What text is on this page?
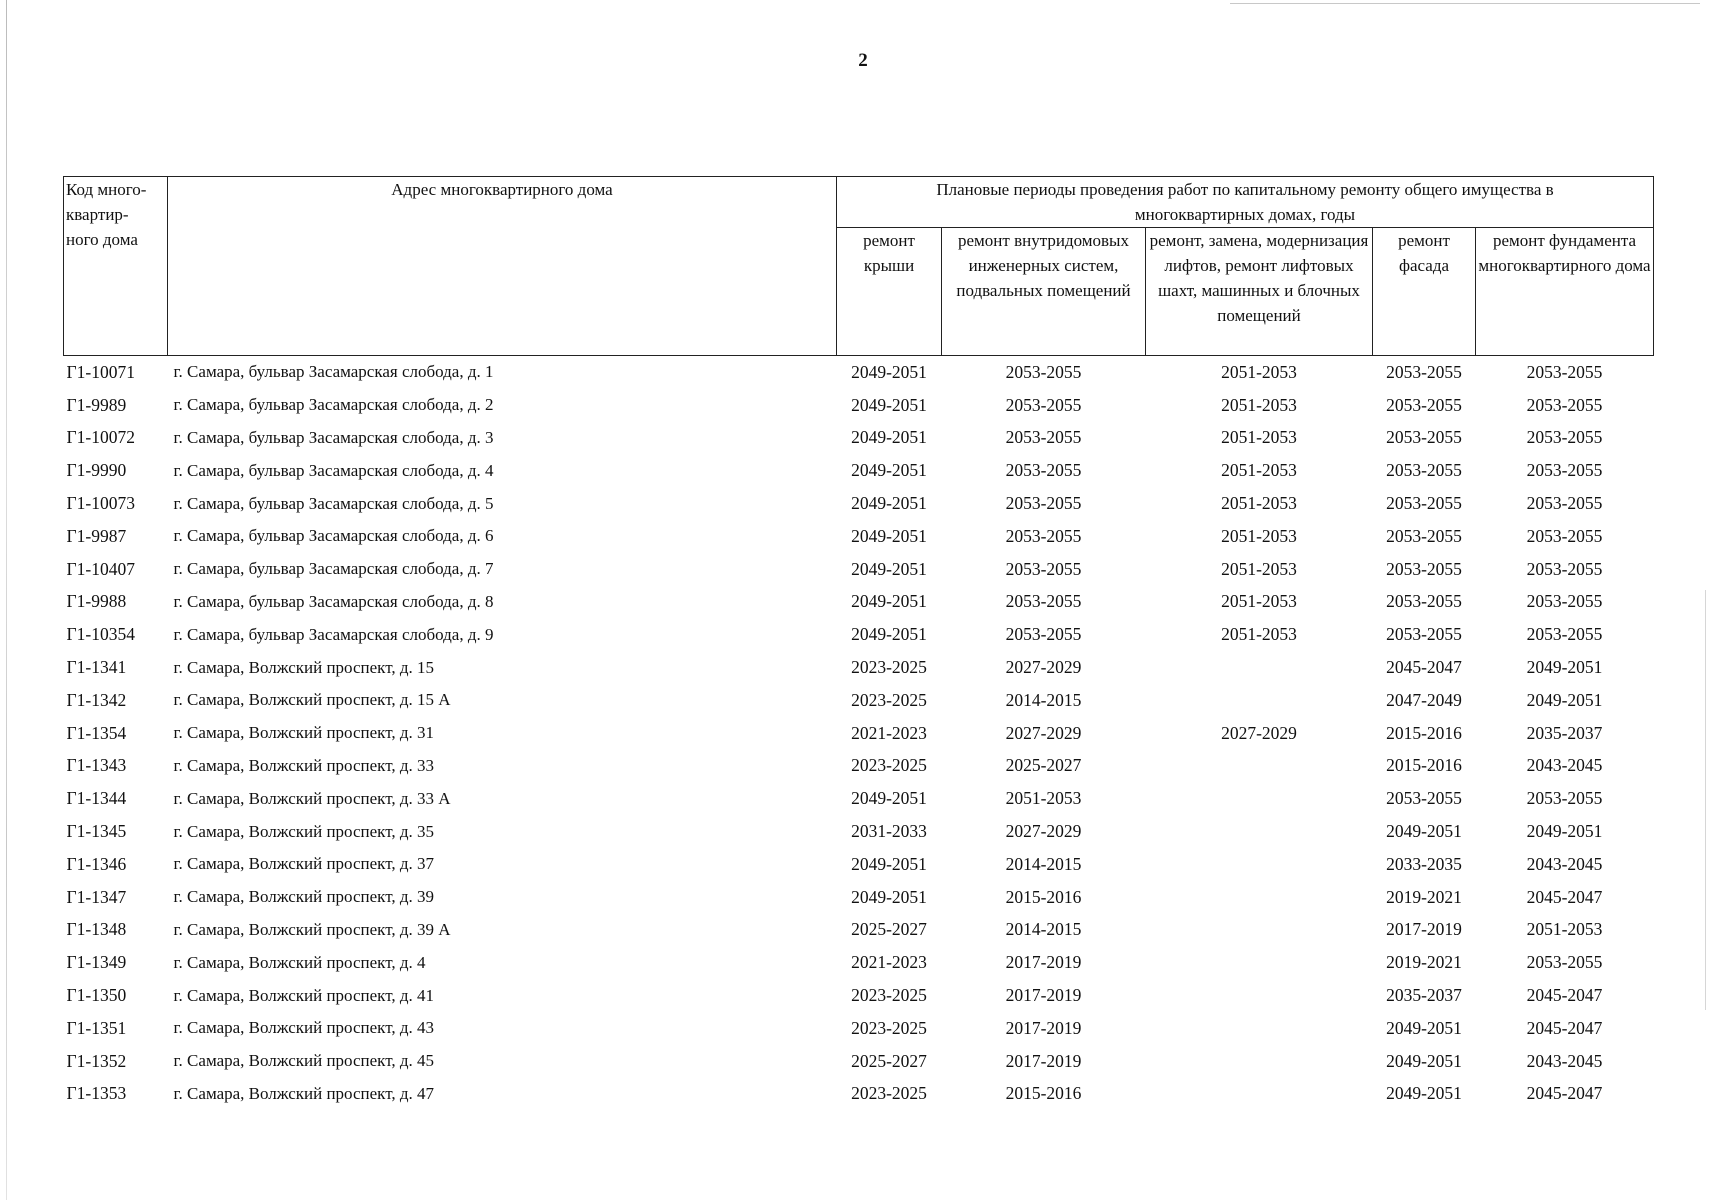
2
Код много-
квартир-
ного дома	Адрес многоквартирного дома	Плановые периоды проведения работ по капитальному ремонту общего имущества в многоквартирных домах, годы				
		ремонт крыши	ремонт внутридомовых инженерных систем, подвальных помещений	ремонт, замена, модернизация лифтов, ремонт лифтовых шахт, машинных и блочных помещений	ремонт фасада	ремонт фундамента многоквартирного дома
Г1-10071	г. Самара, бульвар Засамарская слобода, д. 1	2049-2051	2053-2055	2051-2053	2053-2055	2053-2055
Г1-9989	г. Самара, бульвар Засамарская слобода, д. 2	2049-2051	2053-2055	2051-2053	2053-2055	2053-2055
Г1-10072	г. Самара, бульвар Засамарская слобода, д. 3	2049-2051	2053-2055	2051-2053	2053-2055	2053-2055
Г1-9990	г. Самара, бульвар Засамарская слобода, д. 4	2049-2051	2053-2055	2051-2053	2053-2055	2053-2055
Г1-10073	г. Самара, бульвар Засамарская слобода, д. 5	2049-2051	2053-2055	2051-2053	2053-2055	2053-2055
Г1-9987	г. Самара, бульвар Засамарская слобода, д. 6	2049-2051	2053-2055	2051-2053	2053-2055	2053-2055
Г1-10407	г. Самара, бульвар Засамарская слобода, д. 7	2049-2051	2053-2055	2051-2053	2053-2055	2053-2055
Г1-9988	г. Самара, бульвар Засамарская слобода, д. 8	2049-2051	2053-2055	2051-2053	2053-2055	2053-2055
Г1-10354	г. Самара, бульвар Засамарская слобода, д. 9	2049-2051	2053-2055	2051-2053	2053-2055	2053-2055
Г1-1341	г. Самара, Волжский проспект, д. 15	2023-2025	2027-2029		2045-2047	2049-2051
Г1-1342	г. Самара, Волжский проспект, д. 15 А	2023-2025	2014-2015		2047-2049	2049-2051
Г1-1354	г. Самара, Волжский проспект, д. 31	2021-2023	2027-2029	2027-2029	2015-2016	2035-2037
Г1-1343	г. Самара, Волжский проспект, д. 33	2023-2025	2025-2027		2015-2016	2043-2045
Г1-1344	г. Самара, Волжский проспект, д. 33 А	2049-2051	2051-2053		2053-2055	2053-2055
Г1-1345	г. Самара, Волжский проспект, д. 35	2031-2033	2027-2029		2049-2051	2049-2051
Г1-1346	г. Самара, Волжский проспект, д. 37	2049-2051	2014-2015		2033-2035	2043-2045
Г1-1347	г. Самара, Волжский проспект, д. 39	2049-2051	2015-2016		2019-2021	2045-2047
Г1-1348	г. Самара, Волжский проспект, д. 39 А	2025-2027	2014-2015		2017-2019	2051-2053
Г1-1349	г. Самара, Волжский проспект, д. 4	2021-2023	2017-2019		2019-2021	2053-2055
Г1-1350	г. Самара, Волжский проспект, д. 41	2023-2025	2017-2019		2035-2037	2045-2047
Г1-1351	г. Самара, Волжский проспект, д. 43	2023-2025	2017-2019		2049-2051	2045-2047
Г1-1352	г. Самара, Волжский проспект, д. 45	2025-2027	2017-2019		2049-2051	2043-2045
Г1-1353	г. Самара, Волжский проспект, д. 47	2023-2025	2015-2016		2049-2051	2045-2047
